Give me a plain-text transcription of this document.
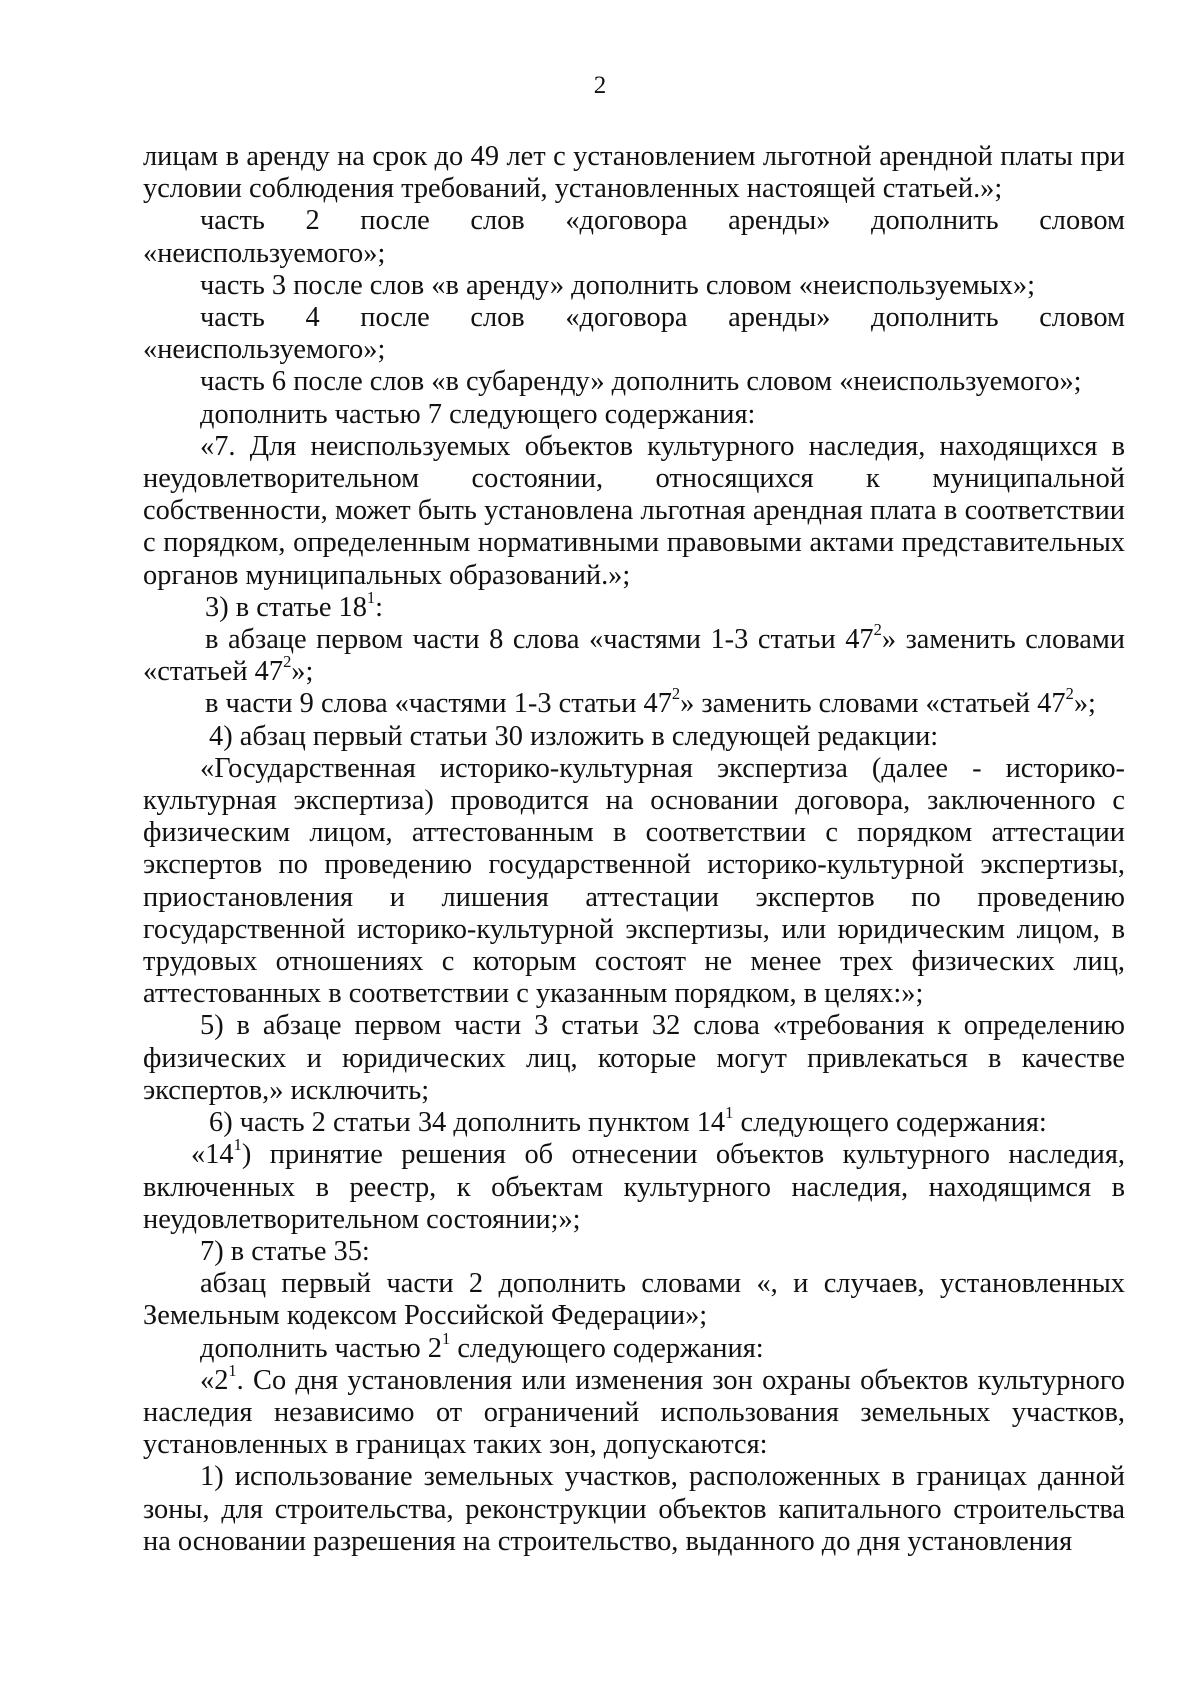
2

лицам в аренду на срок до 49 лет с установлением льготной арендной платы при условии соблюдения требований, установленных настоящей статьей.»;

часть 2 после слов «договора аренды» дополнить словом «неиспользуемого»;

часть 3 после слов «в аренду» дополнить словом «неиспользуемых»;

часть 4 после слов «договора аренды» дополнить словом «неиспользуемого»;

часть 6 после слов «в субаренду» дополнить словом «неиспользуемого»;

дополнить частью 7 следующего содержания:

«7. Для неиспользуемых объектов культурного наследия, находящихся в неудовлетворительном состоянии, относящихся к муниципальной собственности, может быть установлена льготная арендная плата в соответствии с порядком, определенным нормативными правовыми актами представительных органов муниципальных образований.»;

3) в статье $18^1$:

в абзаце первом части 8 слова «частями 1-3 статьи $47^2$» заменить словами «статьей $47^2$»;

в части 9 слова «частями 1-3 статьи $47^2$» заменить словами «статьей $47^2$»;

4) абзац первый статьи 30 изложить в следующей редакции:

«Государственная историко-культурная экспертиза (далее - историко-культурная экспертиза) проводится на основании договора, заключенного с физическим лицом, аттестованным в соответствии с порядком аттестации экспертов по проведению государственной историко-культурной экспертизы, приостановления и лишения аттестации экспертов по проведению государственной историко-культурной экспертизы, или юридическим лицом, в трудовых отношениях с которым состоят не менее трех физических лиц, аттестованных в соответствии с указанным порядком, в целях:»;

5) в абзаце первом части 3 статьи 32 слова «требования к определению физических и юридических лиц, которые могут привлекаться в качестве экспертов,» исключить;

6) часть 2 статьи 34 дополнить пунктом $14^1$ следующего содержания:

«$14^1$) принятие решения об отнесении объектов культурного наследия, включенных в реестр, к объектам культурного наследия, находящимся в неудовлетворительном состоянии;»;

7) в статье 35:

абзац первый части 2 дополнить словами «, и случаев, установленных Земельным кодексом Российской Федерации»;

дополнить частью $2^1$ следующего содержания:

«$2^1$. Со дня установления или изменения зон охраны объектов культурного наследия независимо от ограничений использования земельных участков, установленных в границах таких зон, допускаются:

1) использование земельных участков, расположенных в границах данной зоны, для строительства, реконструкции объектов капитального строительства на основании разрешения на строительство, выданного до дня установления
